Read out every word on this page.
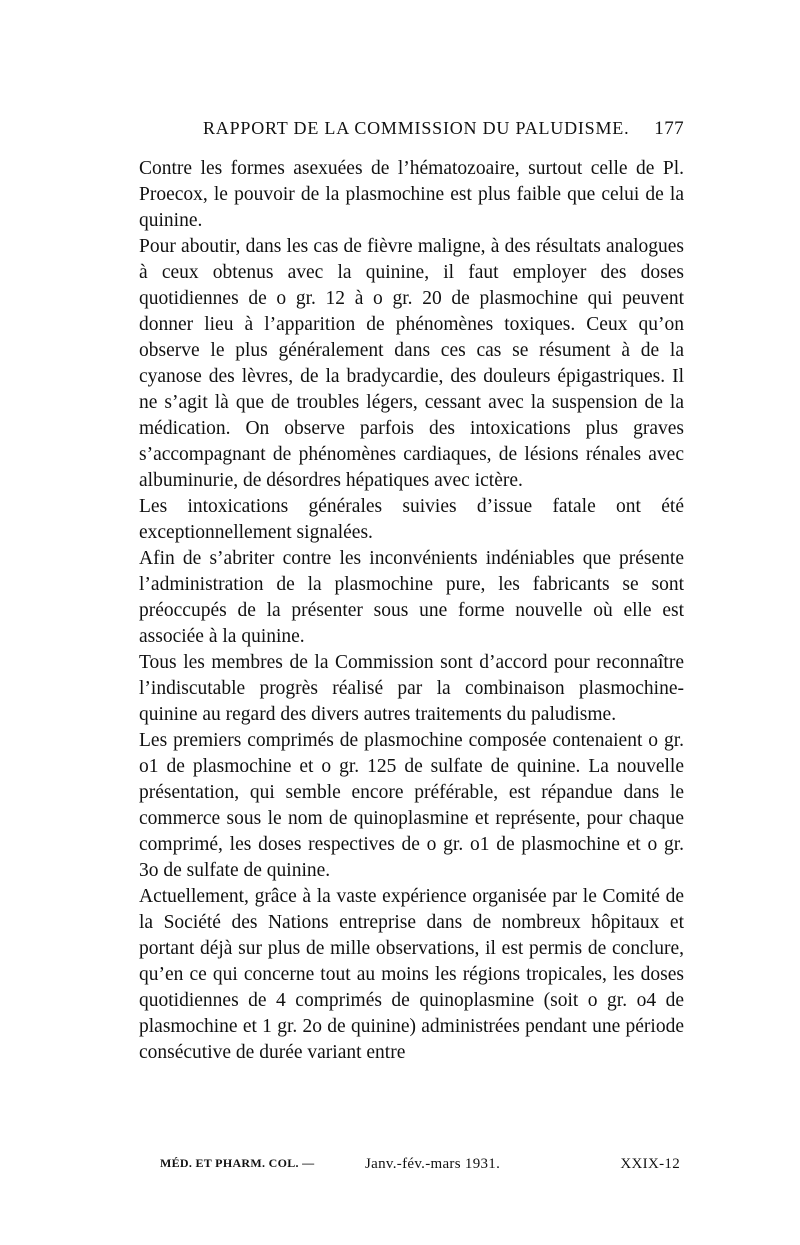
RAPPORT DE LA COMMISSION DU PALUDISME. 177

Contre les formes asexuées de l’hématozoaire, surtout celle de Pl. Proecox, le pouvoir de la plasmochine est plus faible que celui de la quinine.

Pour aboutir, dans les cas de fièvre maligne, à des résultats analogues à ceux obtenus avec la quinine, il faut employer des doses quotidiennes de o gr. 12 à o gr. 20 de plasmochine qui peuvent donner lieu à l’apparition de phénomènes toxiques. Ceux qu’on observe le plus généralement dans ces cas se résument à de la cyanose des lèvres, de la bradycardie, des douleurs épigastriques. Il ne s’agit là que de troubles légers, cessant avec la suspension de la médication. On observe parfois des intoxications plus graves s’accompagnant de phénomènes cardiaques, de lésions rénales avec albuminurie, de désordres hépatiques avec ictère.

Les intoxications générales suivies d’issue fatale ont été exceptionnellement signalées.

Afin de s’abriter contre les inconvénients indéniables que présente l’administration de la plasmochine pure, les fabricants se sont préoccupés de la présenter sous une forme nouvelle où elle est associée à la quinine.

Tous les membres de la Commission sont d’accord pour reconnaître l’indiscutable progrès réalisé par la combinaison plasmochine-quinine au regard des divers autres traitements du paludisme.

Les premiers comprimés de plasmochine composée contenaient o gr. o1 de plasmochine et o gr. 125 de sulfate de quinine. La nouvelle présentation, qui semble encore préférable, est répandue dans le commerce sous le nom de quinoplasmine et représente, pour chaque comprimé, les doses respectives de o gr. o1 de plasmochine et o gr. 3o de sulfate de quinine.

Actuellement, grâce à la vaste expérience organisée par le Comité de la Société des Nations entreprise dans de nombreux hôpitaux et portant déjà sur plus de mille observations, il est permis de conclure, qu’en ce qui concerne tout au moins les régions tropicales, les doses quotidiennes de 4 comprimés de quinoplasmine (soit o gr. o4 de plasmochine et 1 gr. 2o de quinine) administrées pendant une période consécutive de durée variant entre

MÉD. ET PHARM. COL. —	Janv.-fév.-mars 1931.	XXIX-12
